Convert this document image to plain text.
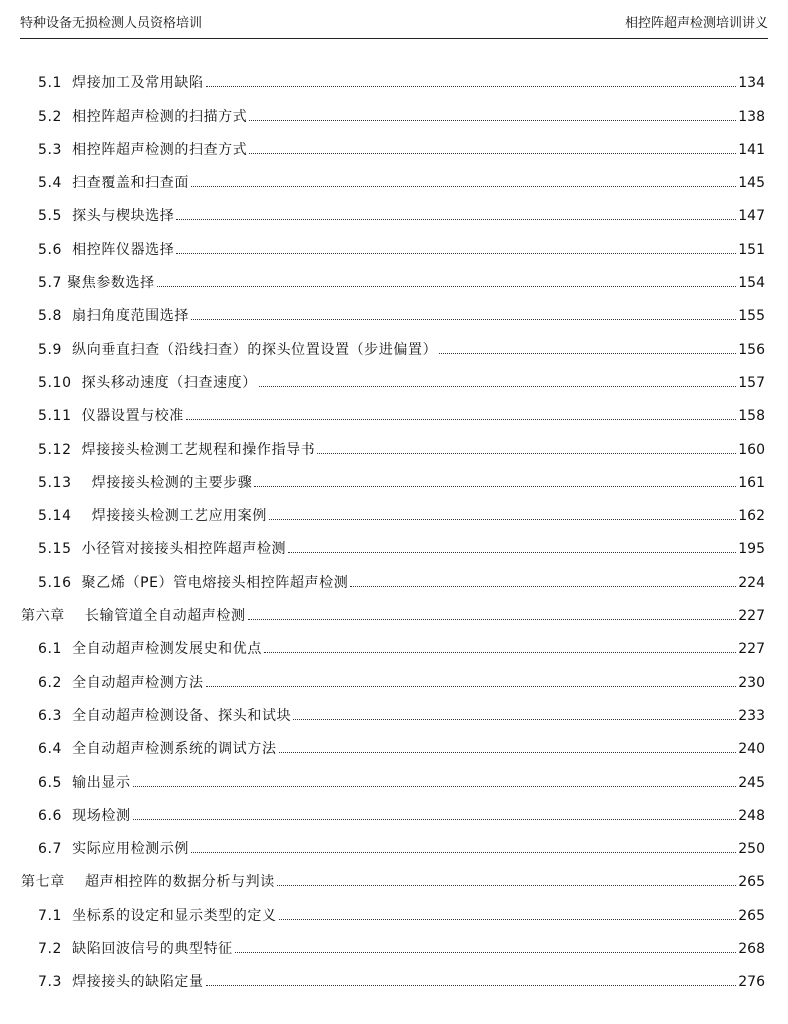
特种设备无损检测人员资格培训	相控阵超声检测培训讲义
5.1  焊接加工及常用缺陷	134
5.2  相控阵超声检测的扫描方式	138
5.3  相控阵超声检测的扫查方式	141
5.4  扫查覆盖和扫查面	145
5.5  探头与楔块选择	147
5.6  相控阵仪器选择	151
5.7 聚焦参数选择	154
5.8  扇扫角度范围选择	155
5.9  纵向垂直扫查（沿线扫查）的探头位置设置（步进偏置）	156
5.10  探头移动速度（扫查速度）	157
5.11  仪器设置与校准	158
5.12  焊接接头检测工艺规程和操作指导书	160
5.13    焊接接头检测的主要步骤	161
5.14    焊接接头检测工艺应用案例	162
5.15  小径管对接接头相控阵超声检测	195
5.16  聚乙烯（PE）管电熔接头相控阵超声检测	224
第六章    长输管道全自动超声检测	227
6.1  全自动超声检测发展史和优点	227
6.2  全自动超声检测方法	230
6.3  全自动超声检测设备、探头和试块	233
6.4  全自动超声检测系统的调试方法	240
6.5  输出显示	245
6.6  现场检测	248
6.7  实际应用检测示例	250
第七章    超声相控阵的数据分析与判读	265
7.1  坐标系的设定和显示类型的定义	265
7.2  缺陷回波信号的典型特征	268
7.3  焊接接头的缺陷定量	276
